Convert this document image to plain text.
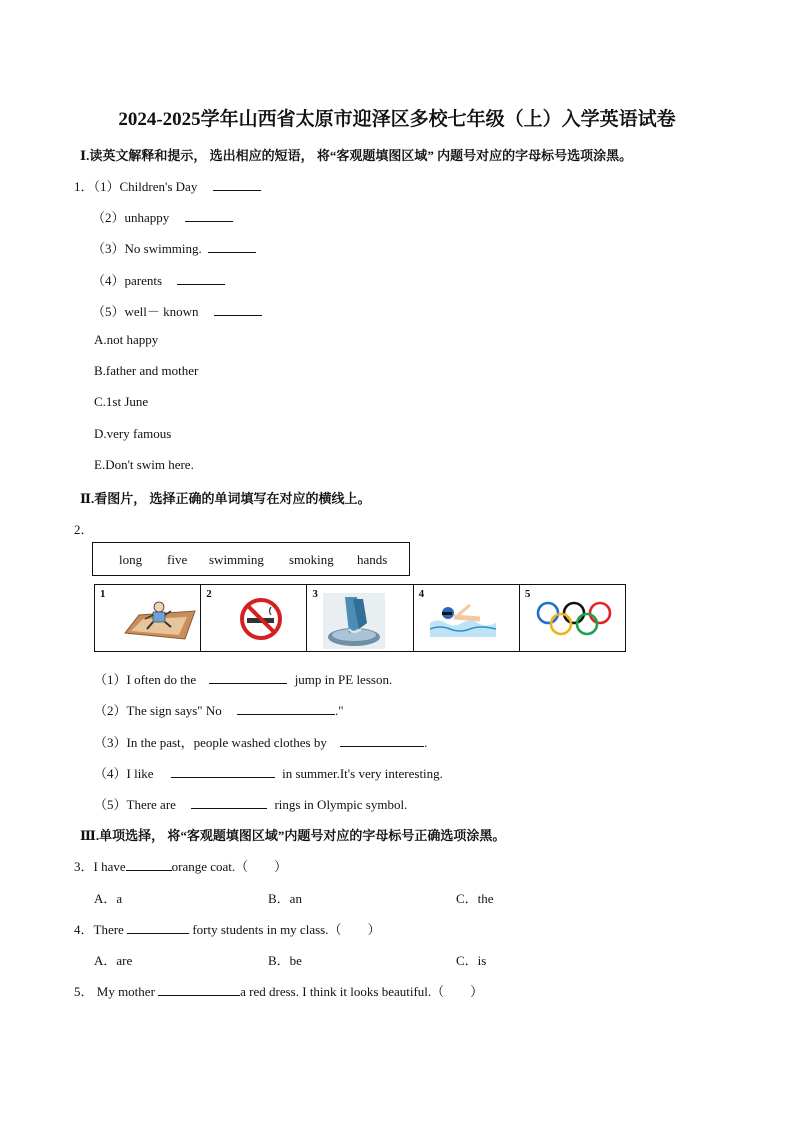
2024-2025学年山西省太原市迎泽区多校七年级（上）入学英语试卷
Ⅰ.读英文解释和提示， 选出相应的短语， 将“客观题填图区域” 内题号对应的字母标号选项涂黑。
1．（1）Children's Day
（2）unhappy
（3）No swimming.
（4）parents
（5）well－ known
A.not happy
B.father and mother
C.1st June
D.very famous
E.Don't swim here.
Ⅱ.看图片， 选择正确的单词填写在对应的横线上。
2．
long five swimming smoking hands
1	2	3	4	5
（1）I often do the	jump in PE lesson.
（2）The sign says" No	."
（3）In the past，people washed clothes by	.
（4）I like	in summer.It's very interesting.
（5）There are	rings in Olympic symbol.
Ⅲ.单项选择， 将“客观题填图区域”内题号对应的字母标号正确选项涂黑。
3．I have	orange coat.（　　）
A．a	B．an	C．the
4．There	forty students in my class.（　　）
A．are	B．be	C．is
5． My mother	a red dress. I think it looks beautiful.（　　）
